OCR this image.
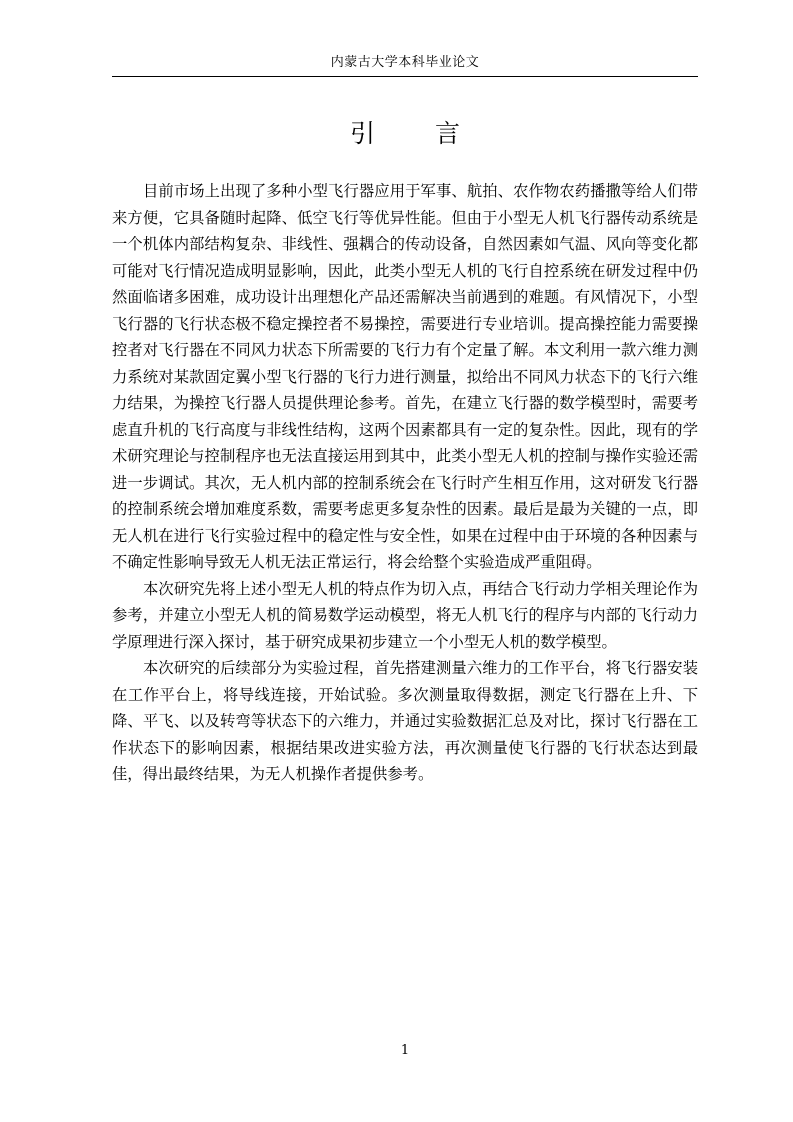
内蒙古大学本科毕业论文
引 言

目前市场上出现了多种小型飞行器应用于军事、航拍、农作物农药播撒等给人们带来方便，它具备随时起降、低空飞行等优异性能。但由于小型无人机飞行器传动系统是一个机体内部结构复杂、非线性、强耦合的传动设备，自然因素如气温、风向等变化都可能对飞行情况造成明显影响，因此，此类小型无人机的飞行自控系统在研发过程中仍然面临诸多困难，成功设计出理想化产品还需解决当前遇到的难题。有风情况下，小型飞行器的飞行状态极不稳定操控者不易操控，需要进行专业培训。提高操控能力需要操控者对飞行器在不同风力状态下所需要的飞行力有个定量了解。本文利用一款六维力测力系统对某款固定翼小型飞行器的飞行力进行测量，拟给出不同风力状态下的飞行六维力结果，为操控飞行器人员提供理论参考。首先，在建立飞行器的数学模型时，需要考虑直升机的飞行高度与非线性结构，这两个因素都具有一定的复杂性。因此，现有的学术研究理论与控制程序也无法直接运用到其中，此类小型无人机的控制与操作实验还需进一步调试。其次，无人机内部的控制系统会在飞行时产生相互作用，这对研发飞行器的控制系统会增加难度系数，需要考虑更多复杂性的因素。最后是最为关键的一点，即无人机在进行飞行实验过程中的稳定性与安全性，如果在过程中由于环境的各种因素与不确定性影响导致无人机无法正常运行，将会给整个实验造成严重阻碍。

本次研究先将上述小型无人机的特点作为切入点，再结合飞行动力学相关理论作为参考，并建立小型无人机的简易数学运动模型，将无人机飞行的程序与内部的飞行动力学原理进行深入探讨，基于研究成果初步建立一个小型无人机的数学模型。

本次研究的后续部分为实验过程，首先搭建测量六维力的工作平台，将飞行器安装在工作平台上，将导线连接，开始试验。多次测量取得数据，测定飞行器在上升、下降、平飞、以及转弯等状态下的六维力，并通过实验数据汇总及对比，探讨飞行器在工作状态下的影响因素，根据结果改进实验方法，再次测量使飞行器的飞行状态达到最佳，得出最终结果，为无人机操作者提供参考。

1
